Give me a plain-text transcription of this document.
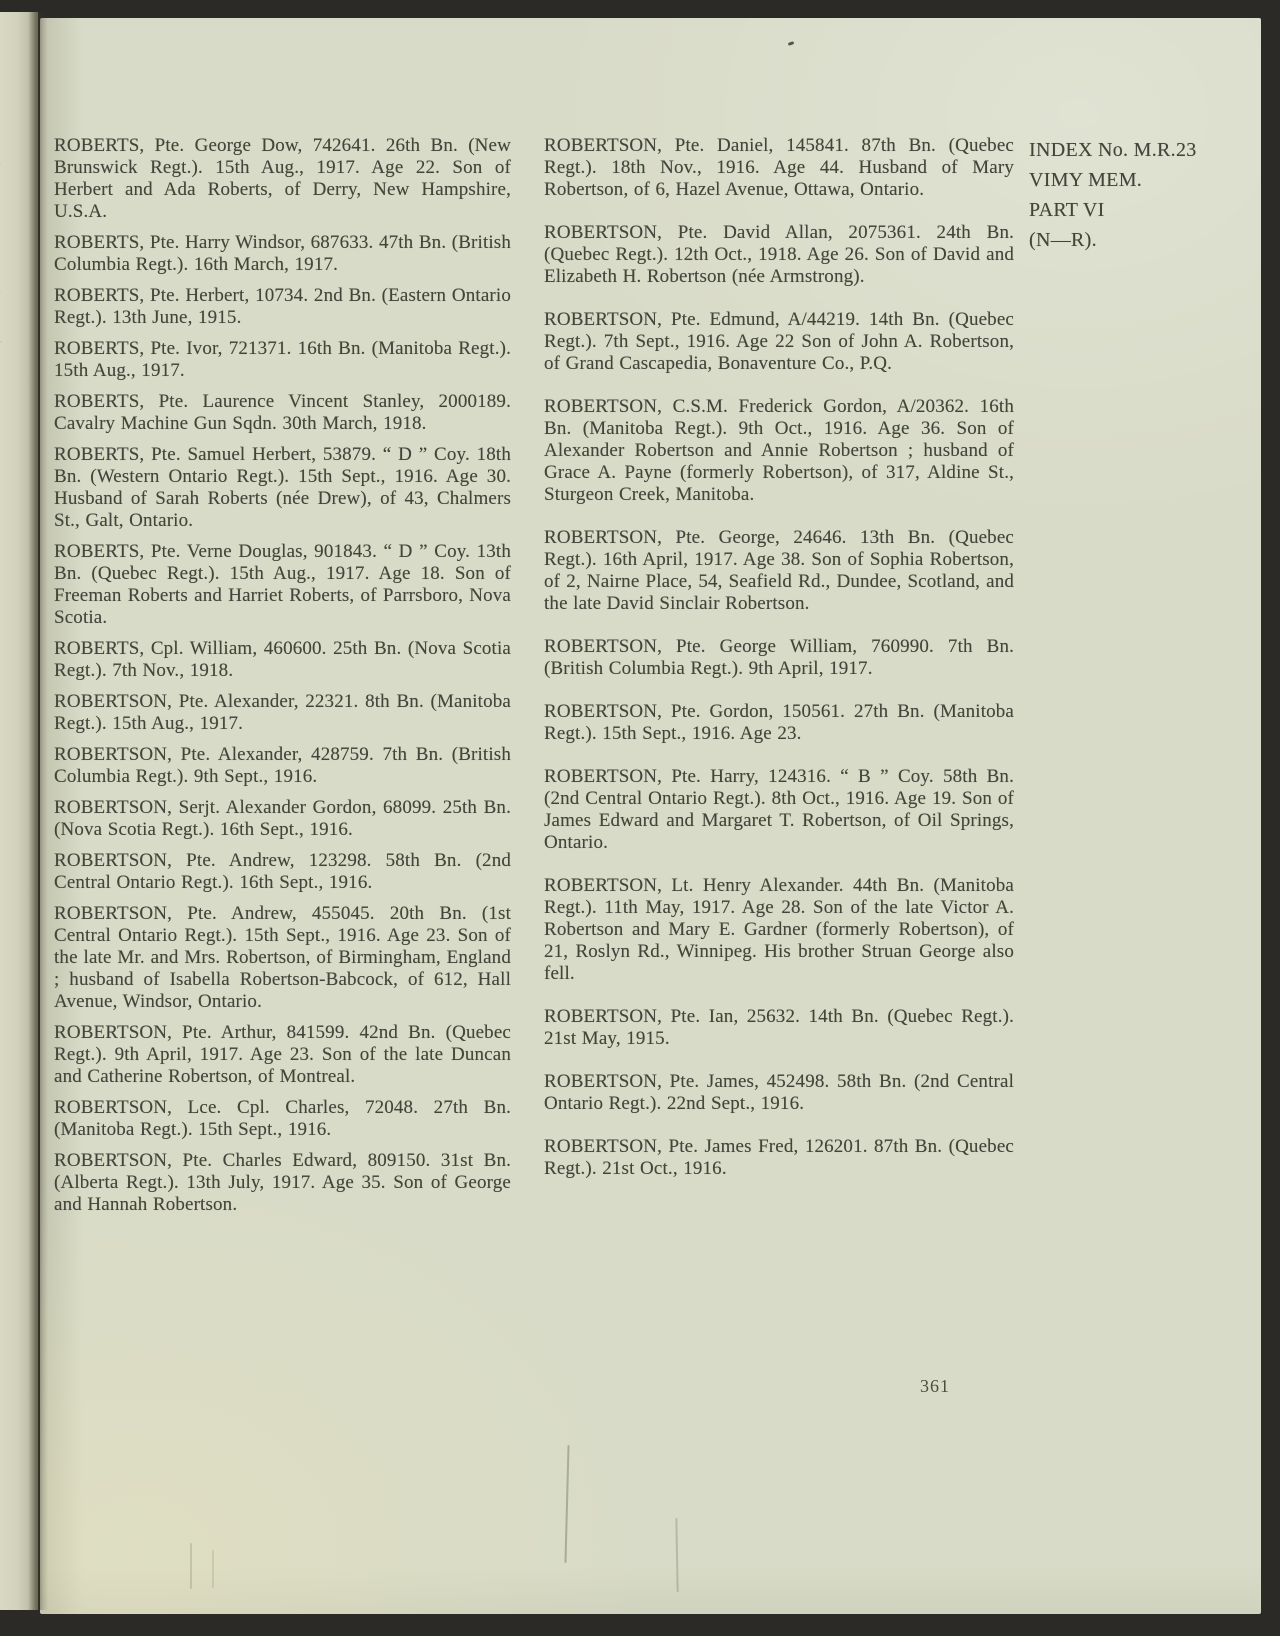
ROBERTS, Pte. George Dow, 742641. 26th Bn. (New Brunswick Regt.). 15th Aug., 1917. Age 22. Son of Herbert and Ada Roberts, of Derry, New Hampshire, U.S.A.

ROBERTS, Pte. Harry Windsor, 687633. 47th Bn. (British Columbia Regt.). 16th March, 1917.

ROBERTS, Pte. Herbert, 10734. 2nd Bn. (Eastern Ontario Regt.). 13th June, 1915.

ROBERTS, Pte. Ivor, 721371. 16th Bn. (Manitoba Regt.). 15th Aug., 1917.

ROBERTS, Pte. Laurence Vincent Stanley, 2000189. Cavalry Machine Gun Sqdn. 30th March, 1918.

ROBERTS, Pte. Samuel Herbert, 53879. “ D ” Coy. 18th Bn. (Western Ontario Regt.). 15th Sept., 1916. Age 30. Husband of Sarah Roberts (née Drew), of 43, Chalmers St., Galt, Ontario.

ROBERTS, Pte. Verne Douglas, 901843. “ D ” Coy. 13th Bn. (Quebec Regt.). 15th Aug., 1917. Age 18. Son of Freeman Roberts and Harriet Roberts, of Parrsboro, Nova Scotia.

ROBERTS, Cpl. William, 460600. 25th Bn. (Nova Scotia Regt.). 7th Nov., 1918.

ROBERTSON, Pte. Alexander, 22321. 8th Bn. (Manitoba Regt.). 15th Aug., 1917.

ROBERTSON, Pte. Alexander, 428759. 7th Bn. (British Columbia Regt.). 9th Sept., 1916.

ROBERTSON, Serjt. Alexander Gordon, 68099. 25th Bn. (Nova Scotia Regt.). 16th Sept., 1916.

ROBERTSON, Pte. Andrew, 123298. 58th Bn. (2nd Central Ontario Regt.). 16th Sept., 1916.

ROBERTSON, Pte. Andrew, 455045. 20th Bn. (1st Central Ontario Regt.). 15th Sept., 1916. Age 23. Son of the late Mr. and Mrs. Robertson, of Birmingham, England ; husband of Isabella Robertson-Babcock, of 612, Hall Avenue, Windsor, Ontario.

ROBERTSON, Pte. Arthur, 841599. 42nd Bn. (Quebec Regt.). 9th April, 1917. Age 23. Son of the late Duncan and Catherine Robertson, of Montreal.

ROBERTSON, Lce. Cpl. Charles, 72048. 27th Bn. (Manitoba Regt.). 15th Sept., 1916.

ROBERTSON, Pte. Charles Edward, 809150. 31st Bn. (Alberta Regt.). 13th July, 1917. Age 35. Son of George and Hannah Robertson.

ROBERTSON, Pte. Daniel, 145841. 87th Bn. (Quebec Regt.). 18th Nov., 1916. Age 44. Husband of Mary Robertson, of 6, Hazel Avenue, Ottawa, Ontario.

ROBERTSON, Pte. David Allan, 2075361. 24th Bn. (Quebec Regt.). 12th Oct., 1918. Age 26. Son of David and Elizabeth H. Robertson (née Armstrong).

ROBERTSON, Pte. Edmund, A/44219. 14th Bn. (Quebec Regt.). 7th Sept., 1916. Age 22 Son of John A. Robertson, of Grand Cascapedia, Bonaventure Co., P.Q.

ROBERTSON, C.S.M. Frederick Gordon, A/20362. 16th Bn. (Manitoba Regt.). 9th Oct., 1916. Age 36. Son of Alexander Robertson and Annie Robertson ; husband of Grace A. Payne (formerly Robertson), of 317, Aldine St., Sturgeon Creek, Manitoba.

ROBERTSON, Pte. George, 24646. 13th Bn. (Quebec Regt.). 16th April, 1917. Age 38. Son of Sophia Robertson, of 2, Nairne Place, 54, Seafield Rd., Dundee, Scotland, and the late David Sinclair Robertson.

ROBERTSON, Pte. George William, 760990. 7th Bn. (British Columbia Regt.). 9th April, 1917.

ROBERTSON, Pte. Gordon, 150561. 27th Bn. (Manitoba Regt.). 15th Sept., 1916. Age 23.

ROBERTSON, Pte. Harry, 124316. “ B ” Coy. 58th Bn. (2nd Central Ontario Regt.). 8th Oct., 1916. Age 19. Son of James Edward and Margaret T. Robertson, of Oil Springs, Ontario.

ROBERTSON, Lt. Henry Alexander. 44th Bn. (Manitoba Regt.). 11th May, 1917. Age 28. Son of the late Victor A. Robertson and Mary E. Gardner (formerly Robertson), of 21, Roslyn Rd., Winnipeg. His brother Struan George also fell.

ROBERTSON, Pte. Ian, 25632. 14th Bn. (Quebec Regt.). 21st May, 1915.

ROBERTSON, Pte. James, 452498. 58th Bn. (2nd Central Ontario Regt.). 22nd Sept., 1916.

ROBERTSON, Pte. James Fred, 126201. 87th Bn. (Quebec Regt.). 21st Oct., 1916.

INDEX No. M.R.23
VIMY MEM.
PART VI
(N—R).
361
